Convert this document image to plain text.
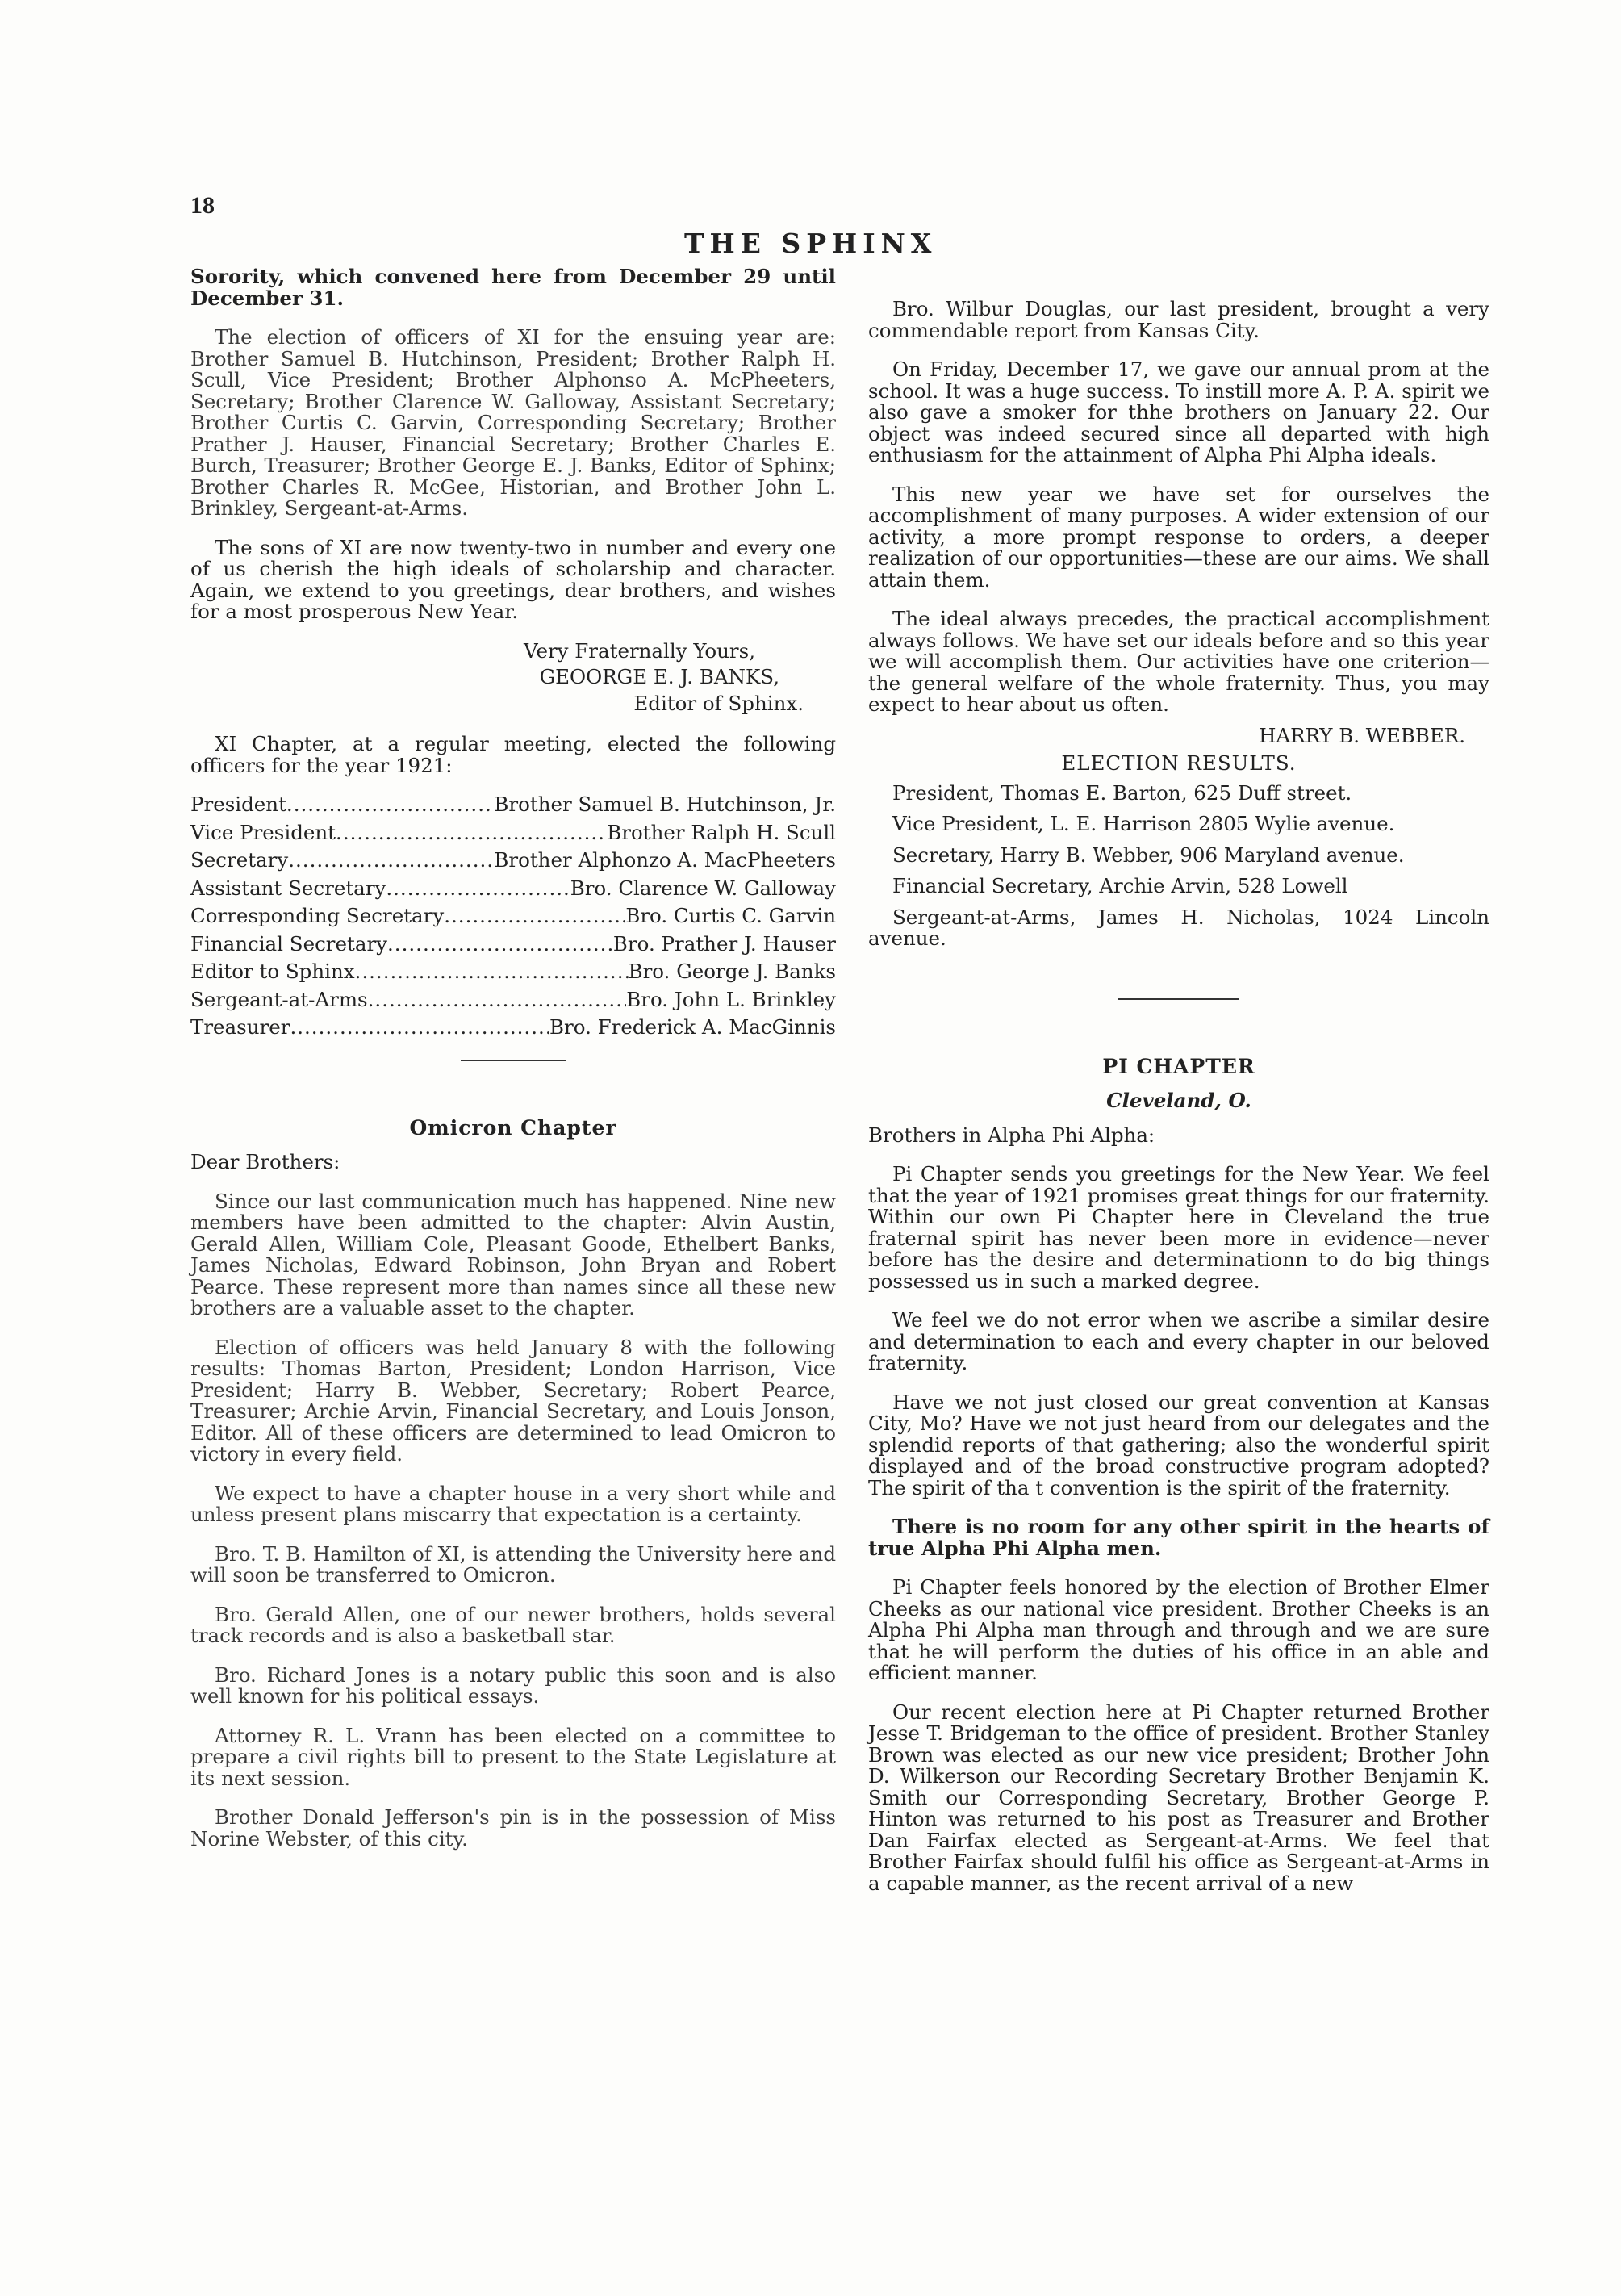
18
THE SPHINX

Sorority, which convened here from December 29 until December 31.

The election of officers of XI for the ensuing year are: Brother Samuel B. Hutchinson, President; Brother Ralph H. Scull, Vice President; Brother Alphonso A. McPheeters, Secretary; Brother Clarence W. Galloway, Assistant Secretary; Brother Curtis C. Garvin, Corresponding Secretary; Brother Prather J. Hauser, Financial Secretary; Brother Charles E. Burch, Treasurer; Brother George E. J. Banks, Editor of Sphinx; Brother Charles R. McGee, Historian, and Brother John L. Brinkley, Sergeant-at-Arms.

The sons of XI are now twenty-two in number and every one of us cherish the high ideals of scholarship and character. Again, we extend to you greetings, dear brothers, and wishes for a most prosperous New Year.

Very Fraternally Yours,
GEOORGE E. J. BANKS,
Editor of Sphinx.

XI Chapter, at a regular meeting, elected the following officers for the year 1921:

President .....	Brother Samuel B. Hutchinson, Jr.
Vice President .....	Brother Ralph H. Scull
Secretary .....	Brother Alphonzo A. MacPheeters
Assistant Secretary .....	Bro. Clarence W. Galloway
Corresponding Secretary .....	Bro. Curtis C. Garvin
Financial Secretary .....	Bro. Prather J. Hauser
Editor to Sphinx .....	Bro. George J. Banks
Sergeant-at-Arms .....	Bro. John L. Brinkley
Treasurer .....	Bro. Frederick A. MacGinnis
Omicron Chapter
Dear Brothers:

Since our last communication much has happened. Nine new members have been admitted to the chapter: Alvin Austin, Gerald Allen, William Cole, Pleasant Goode, Ethelbert Banks, James Nicholas, Edward Robinson, John Bryan and Robert Pearce. These represent more than names since all these new brothers are a valuable asset to the chapter.

Election of officers was held January 8 with the following results: Thomas Barton, President; London Harrison, Vice President; Harry B. Webber, Secretary; Robert Pearce, Treasurer; Archie Arvin, Financial Secretary, and Louis Jonson, Editor. All of these officers are determined to lead Omicron to victory in every field.

We expect to have a chapter house in a very short while and unless present plans miscarry that expectation is a certainty.

Bro. T. B. Hamilton of XI, is attending the University here and will soon be transferred to Omicron.

Bro. Gerald Allen, one of our newer brothers, holds several track records and is also a basketball star.

Bro. Richard Jones is a notary public this soon and is also well known for his political essays.

Attorney R. L. Vrann has been elected on a committee to prepare a civil rights bill to present to the State Legislature at its next session.

Brother Donald Jefferson's pin is in the possession of Miss Norine Webster, of this city.

Bro. Wilbur Douglas, our last president, brought a very commendable report from Kansas City.

On Friday, December 17, we gave our annual prom at the school. It was a huge success. To instill more A. P. A. spirit we also gave a smoker for thhe brothers on January 22. Our object was indeed secured since all departed with high enthusiasm for the attainment of Alpha Phi Alpha ideals.

This new year we have set for ourselves the accomplishment of many purposes. A wider extension of our activity, a more prompt response to orders, a deeper realization of our opportunities—these are our aims. We shall attain them.

The ideal always precedes, the practical accomplishment always follows. We have set our ideals before and so this year we will accomplish them. Our activities have one criterion—the general welfare of the whole fraternity. Thus, you may expect to hear about us often.

HARRY B. WEBBER.
ELECTION RESULTS.

President, Thomas E. Barton, 625 Duff street.

Vice President, L. E. Harrison 2805 Wylie avenue.

Secretary, Harry B. Webber, 906 Maryland avenue.

Financial Secretary, Archie Arvin, 528 Lowell

Sergeant-at-Arms, James H. Nicholas, 1024 Lincoln avenue.

PI CHAPTER
Cleveland, O.
Brothers in Alpha Phi Alpha:

Pi Chapter sends you greetings for the New Year. We feel that the year of 1921 promises great things for our fraternity. Within our own Pi Chapter here in Cleveland the true fraternal spirit has never been more in evidence—never before has the desire and determinationn to do big things possessed us in such a marked degree.

We feel we do not error when we ascribe a similar desire and determination to each and every chapter in our beloved fraternity.

Have we not just closed our great convention at Kansas City, Mo? Have we not just heard from our delegates and the splendid reports of that gathering; also the wonderful spirit displayed and of the broad constructive program adopted? The spirit of tha t convention is the spirit of the fraternity.

There is no room for any other spirit in the hearts of true Alpha Phi Alpha men.

Pi Chapter feels honored by the election of Brother Elmer Cheeks as our national vice president. Brother Cheeks is an Alpha Phi Alpha man through and through and we are sure that he will perform the duties of his office in an able and efficient manner.

Our recent election here at Pi Chapter returned Brother Jesse T. Bridgeman to the office of president. Brother Stanley Brown was elected as our new vice president; Brother John D. Wilkerson our Recording Secretary Brother Benjamin K. Smith our Corresponding Secretary, Brother George P. Hinton was returned to his post as Treasurer and Brother Dan Fairfax elected as Sergeant-at-Arms. We feel that Brother Fairfax should fulfil his office as Sergeant-at-Arms in a capable manner, as the recent arrival of a new
